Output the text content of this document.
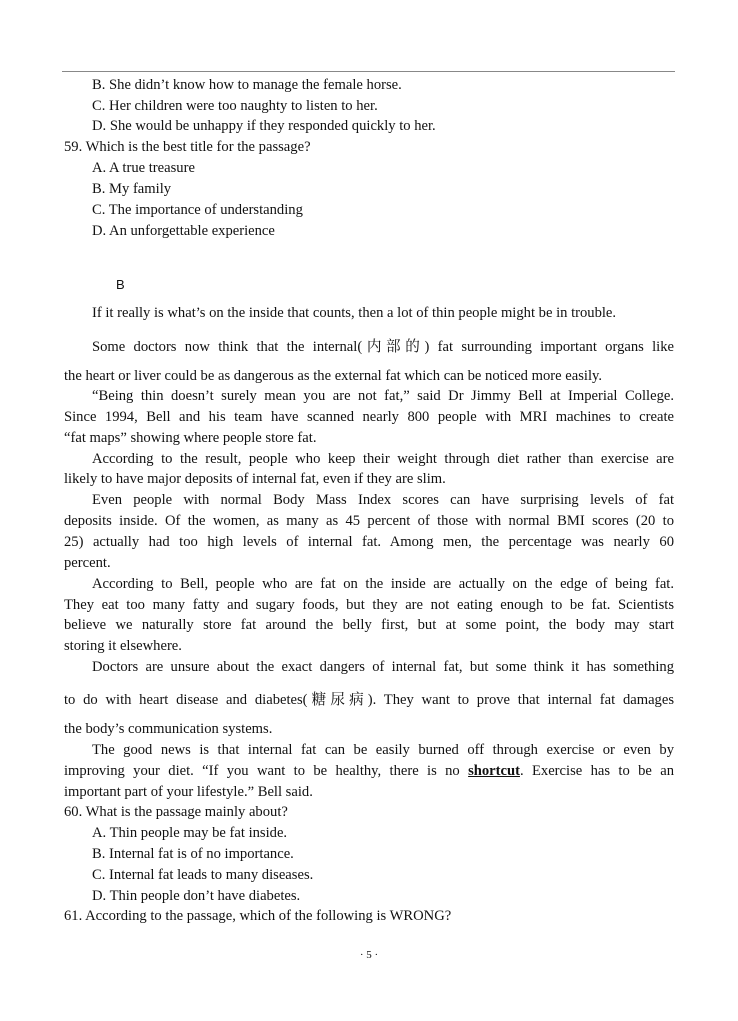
B. She didn’t know how to manage the female horse.
C. Her children were too naughty to listen to her.
D. She would be unhappy if they responded quickly to her.
59. Which is the best title for the passage?
A. A true treasure
B. My family
C. The importance of understanding
D. An unforgettable experience
B
If it really is what’s on the inside that counts, then a lot of thin people might be in trouble.
Some doctors now think that the internal(内部的) fat surrounding important organs like
the heart or liver could be as dangerous as the external fat which can be noticed more easily.
“Being thin doesn’t surely mean you are not fat,” said Dr Jimmy Bell at Imperial College.
Since 1994, Bell and his team have scanned nearly 800 people with MRI machines to create
“fat maps” showing where people store fat.
According to the result, people who keep their weight through diet rather than exercise are
likely to have major deposits of internal fat, even if they are slim.
Even people with normal Body Mass Index scores can have surprising levels of fat
deposits inside. Of the women, as many as 45 percent of those with normal BMI scores (20 to
25) actually had too high levels of internal fat. Among men, the percentage was nearly 60
percent.
According to Bell, people who are fat on the inside are actually on the edge of being fat.
They eat too many fatty and sugary foods, but they are not eating enough to be fat. Scientists
believe we naturally store fat around the belly first, but at some point, the body may start
storing it elsewhere.
Doctors are unsure about the exact dangers of internal fat, but some think it has something
to do with heart disease and diabetes(糖尿病). They want to prove that internal fat damages
the body’s communication systems.
The good news is that internal fat can be easily burned off through exercise or even by
improving your diet. “If you want to be healthy, there is no shortcut. Exercise has to be an
important part of your lifestyle.” Bell said.
60. What is the passage mainly about?
A. Thin people may be fat inside.
B. Internal fat is of no importance.
C. Internal fat leads to many diseases.
D. Thin people don’t have diabetes.
61. According to the passage, which of the following is WRONG?
· 5 ·
